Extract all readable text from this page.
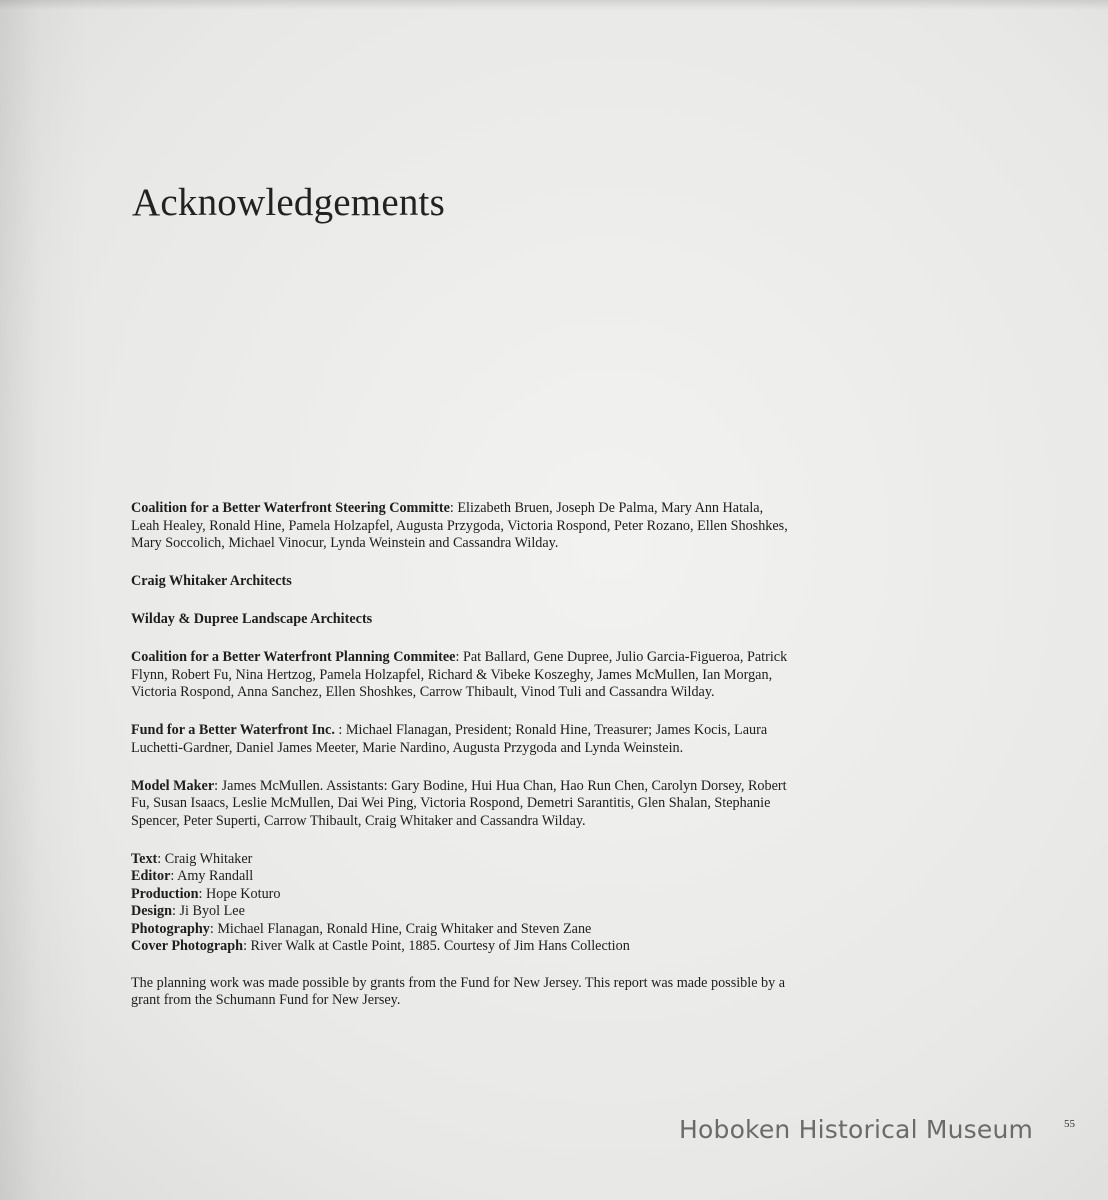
Acknowledgements

Coalition for a Better Waterfront Steering Committe: Elizabeth Bruen, Joseph De Palma, Mary Ann Hatala, Leah Healey, Ronald Hine, Pamela Holzapfel, Augusta Przygoda, Victoria Rospond, Peter Rozano, Ellen Shoshkes, Mary Soccolich, Michael Vinocur, Lynda Weinstein and Cassandra Wilday.

Craig Whitaker Architects

Wilday & Dupree Landscape Architects

Coalition for a Better Waterfront Planning Commitee: Pat Ballard, Gene Dupree, Julio Garcia-Figueroa, Patrick Flynn, Robert Fu, Nina Hertzog, Pamela Holzapfel, Richard & Vibeke Koszeghy, James McMullen, Ian Morgan, Victoria Rospond, Anna Sanchez, Ellen Shoshkes, Carrow Thibault, Vinod Tuli and Cassandra Wilday.

Fund for a Better Waterfront Inc. : Michael Flanagan, President; Ronald Hine, Treasurer; James Kocis, Laura Luchetti-Gardner, Daniel James Meeter, Marie Nardino, Augusta Przygoda and Lynda Weinstein.

Model Maker: James McMullen. Assistants: Gary Bodine, Hui Hua Chan, Hao Run Chen, Carolyn Dorsey, Robert Fu, Susan Isaacs, Leslie McMullen, Dai Wei Ping, Victoria Rospond, Demetri Sarantitis, Glen Shalan, Stephanie Spencer, Peter Superti, Carrow Thibault, Craig Whitaker and Cassandra Wilday.

Text: Craig Whitaker
Editor: Amy Randall
Production: Hope Koturo
Design: Ji Byol Lee
Photography: Michael Flanagan, Ronald Hine, Craig Whitaker and Steven Zane
Cover Photograph: River Walk at Castle Point, 1885. Courtesy of Jim Hans Collection

The planning work was made possible by grants from the Fund for New Jersey. This report was made possible by a grant from the Schumann Fund for New Jersey.

Hoboken Historical Museum	55
